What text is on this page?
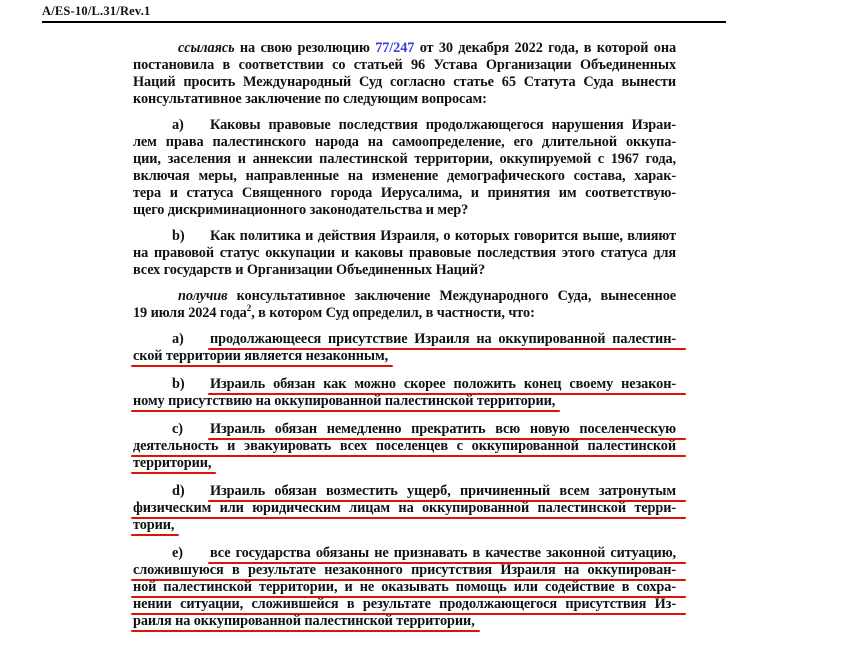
A/ES-10/L.31/Rev.1
ссылаясь на свою резолюцию 77/247 от 30 декабря 2022 года, в которой она
постановила в соответствии со статьей 96 Устава Организации Объединенных
Наций просить Международный Суд согласно статье 65 Статута Суда вынести
консультативное заключение по следующим вопросам:
a) Каковы правовые последствия продолжающегося нарушения Израи-
лем права палестинского народа на самоопределение, его длительной оккупа-
ции, заселения и аннексии палестинской территории, оккупируемой с 1967 года,
включая меры, направленные на изменение демографического состава, харак-
тера и статуса Священного города Иерусалима, и принятия им соответствую-
щего дискриминационного законодательства и мер?
b) Как политика и действия Израиля, о которых говорится выше, влияют
на правовой статус оккупации и каковы правовые последствия этого статуса для
всех государств и Организации Объединенных Наций?
получив консультативное заключение Международного Суда, вынесенное
19 июля 2024 года$^2$, в котором Суд определил, в частности, что:
a) продолжающееся присутствие Израиля на оккупированной палестин-
ской территории является незаконным,
b) Израиль обязан как можно скорее положить конец своему незакон-
ному присутствию на оккупированной палестинской территории,
c) Израиль обязан немедленно прекратить всю новую поселенческую
деятельность и эвакуировать всех поселенцев с оккупированной палестинской
территории,
d) Израиль обязан возместить ущерб, причиненный всем затронутым
физическим или юридическим лицам на оккупированной палестинской терри-
тории,
e) все государства обязаны не признавать в качестве законной ситуацию,
сложившуюся в результате незаконного присутствия Израиля на оккупирован-
ной палестинской территории, и не оказывать помощь или содействие в сохра-
нении ситуации, сложившейся в результате продолжающегося присутствия Из-
раиля на оккупированной палестинской территории,
